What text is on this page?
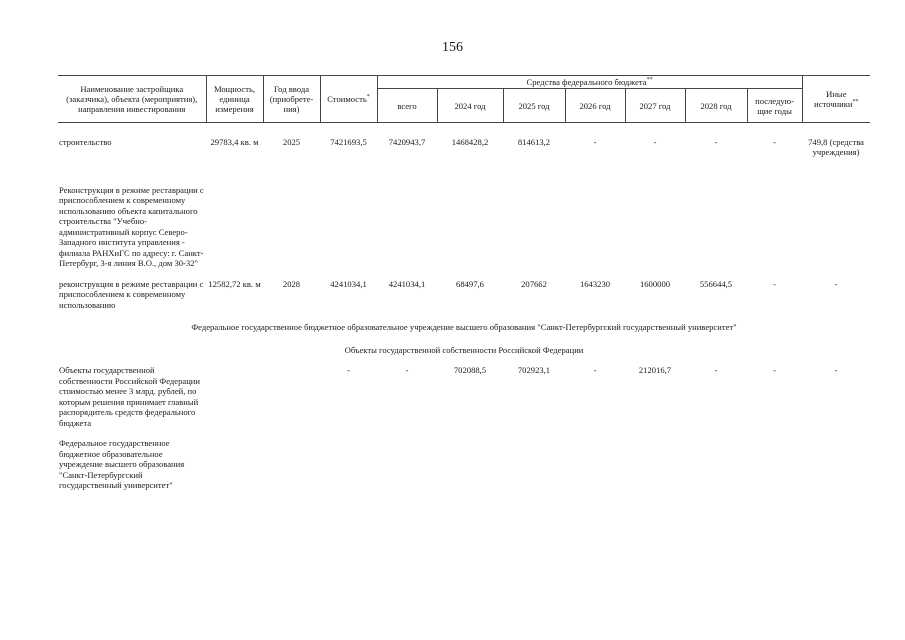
156
Наименование застройщика (заказчика), объекта (мероприятия), направления инвестирования	Мощность, единица измерения	Год ввода (приобрете-ния)	Стоимость*	Средства федерального бюджета**							Иные источники**
				всего	2024 год	2025 год	2026 год	2027 год	2028 год	последую-щие годы	

строительство	29783,4 кв. м	2025	7421693,5	7420943,7	1468428,2	814613,2	-	-	-	-	749,8 (средства учреждения)

Реконструкция в режиме реставрации с приспособлением к современному использованию объекта капитального строительства "Учебно-административный корпус Северо-Западного института управления - филиала РАНХиГС по адресу: г. Санкт-Петербург, 3-я линия В.О., дом 30-32"											

реконструкция в режиме реставрации с приспособлением к современному использованию	12582,72 кв. м	2028	4241034,1	4241034,1	68497,6	207662	1643230	1600000	556644,5	-	-

Федеральное государственное бюджетное образовательное учреждение высшего образования "Санкт-Петербургский государственный университет"											

Объекты государственной собственности Российской Федерации											

Объекты государственной собственности Российской Федерации стоимостью менее 3 млрд. рублей, по которым решения принимает главный распорядитель средств федерального бюджета			-	-	702088,5	702923,1	-	212016,7	-	-	-

Федеральное государственное бюджетное образовательное учреждение высшего образования "Санкт-Петербургский государственный университет"											
